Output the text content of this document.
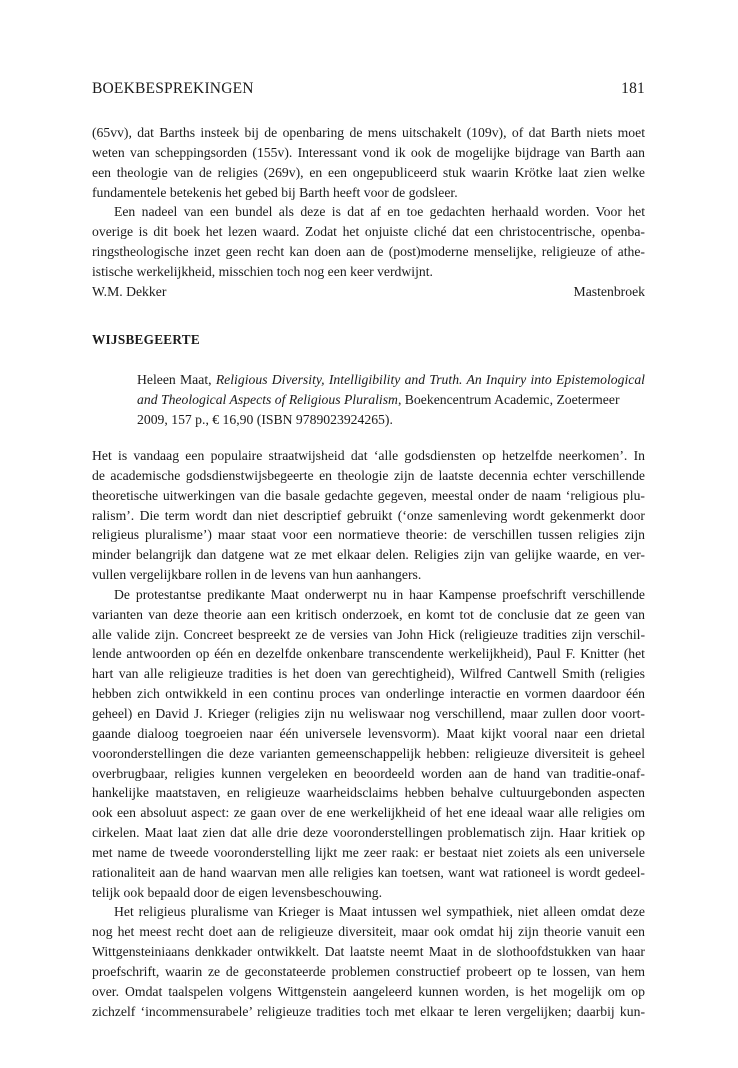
BOEKBESPREKINGEN	181
(65vv), dat Barths insteek bij de openbaring de mens uitschakelt (109v), of dat Barth niets moet
weten van scheppingsorden (155v). Interessant vond ik ook de mogelijke bijdrage van Barth aan
een theologie van de religies (269v), en een ongepubliceerd stuk waarin Krötke laat zien welke
fundamentele betekenis het gebed bij Barth heeft voor de godsleer.
Een nadeel van een bundel als deze is dat af en toe gedachten herhaald worden. Voor het
overige is dit boek het lezen waard. Zodat het onjuiste cliché dat een christocentrische, openba-
ringstheologische inzet geen recht kan doen aan de (post)moderne menselijke, religieuze of athe-
istische werkelijkheid, misschien toch nog een keer verdwijnt.
W.M. Dekker	Mastenbroek
WIJSBEGEERTE
Heleen Maat, Religious Diversity, Intelligibility and Truth. An Inquiry into Epistemological
and Theological Aspects of Religious Pluralism, Boekencentrum Academic, Zoetermeer
2009, 157 p., € 16,90 (ISBN 9789023924265).
Het is vandaag een populaire straatwijsheid dat ‘alle godsdiensten op hetzelfde neerkomen’. In
de academische godsdienstwijsbegeerte en theologie zijn de laatste decennia echter verschillende
theoretische uitwerkingen van die basale gedachte gegeven, meestal onder de naam ‘religious plu-
ralism’. Die term wordt dan niet descriptief gebruikt (‘onze samenleving wordt gekenmerkt door
religieus pluralisme’) maar staat voor een normatieve theorie: de verschillen tussen religies zijn
minder belangrijk dan datgene wat ze met elkaar delen. Religies zijn van gelijke waarde, en ver-
vullen vergelijkbare rollen in de levens van hun aanhangers.
De protestantse predikante Maat onderwerpt nu in haar Kampense proefschrift verschillende
varianten van deze theorie aan een kritisch onderzoek, en komt tot de conclusie dat ze geen van
alle valide zijn. Concreet bespreekt ze de versies van John Hick (religieuze tradities zijn verschil-
lende antwoorden op één en dezelfde onkenbare transcendente werkelijkheid), Paul F. Knitter (het
hart van alle religieuze tradities is het doen van gerechtigheid), Wilfred Cantwell Smith (religies
hebben zich ontwikkeld in een continu proces van onderlinge interactie en vormen daardoor één
geheel) en David J. Krieger (religies zijn nu weliswaar nog verschillend, maar zullen door voort-
gaande dialoog toegroeien naar één universele levensvorm). Maat kijkt vooral naar een drietal
vooronderstellingen die deze varianten gemeenschappelijk hebben: religieuze diversiteit is geheel
overbrugbaar, religies kunnen vergeleken en beoordeeld worden aan de hand van traditie-onaf-
hankelijke maatstaven, en religieuze waarheidsclaims hebben behalve cultuurgebonden aspecten
ook een absoluut aspect: ze gaan over de ene werkelijkheid of het ene ideaal waar alle religies om
cirkelen. Maat laat zien dat alle drie deze vooronderstellingen problematisch zijn. Haar kritiek op
met name de tweede vooronderstelling lijkt me zeer raak: er bestaat niet zoiets als een universele
rationaliteit aan de hand waarvan men alle religies kan toetsen, want wat rationeel is wordt gedeel-
telijk ook bepaald door de eigen levensbeschouwing.
Het religieus pluralisme van Krieger is Maat intussen wel sympathiek, niet alleen omdat deze
nog het meest recht doet aan de religieuze diversiteit, maar ook omdat hij zijn theorie vanuit een
Wittgensteiniaans denkkader ontwikkelt. Dat laatste neemt Maat in de slothoofdstukken van haar
proefschrift, waarin ze de geconstateerde problemen constructief probeert op te lossen, van hem
over. Omdat taalspelen volgens Wittgenstein aangeleerd kunnen worden, is het mogelijk om op
zichzelf ‘incommensurabele’ religieuze tradities toch met elkaar te leren vergelijken; daarbij kun-
